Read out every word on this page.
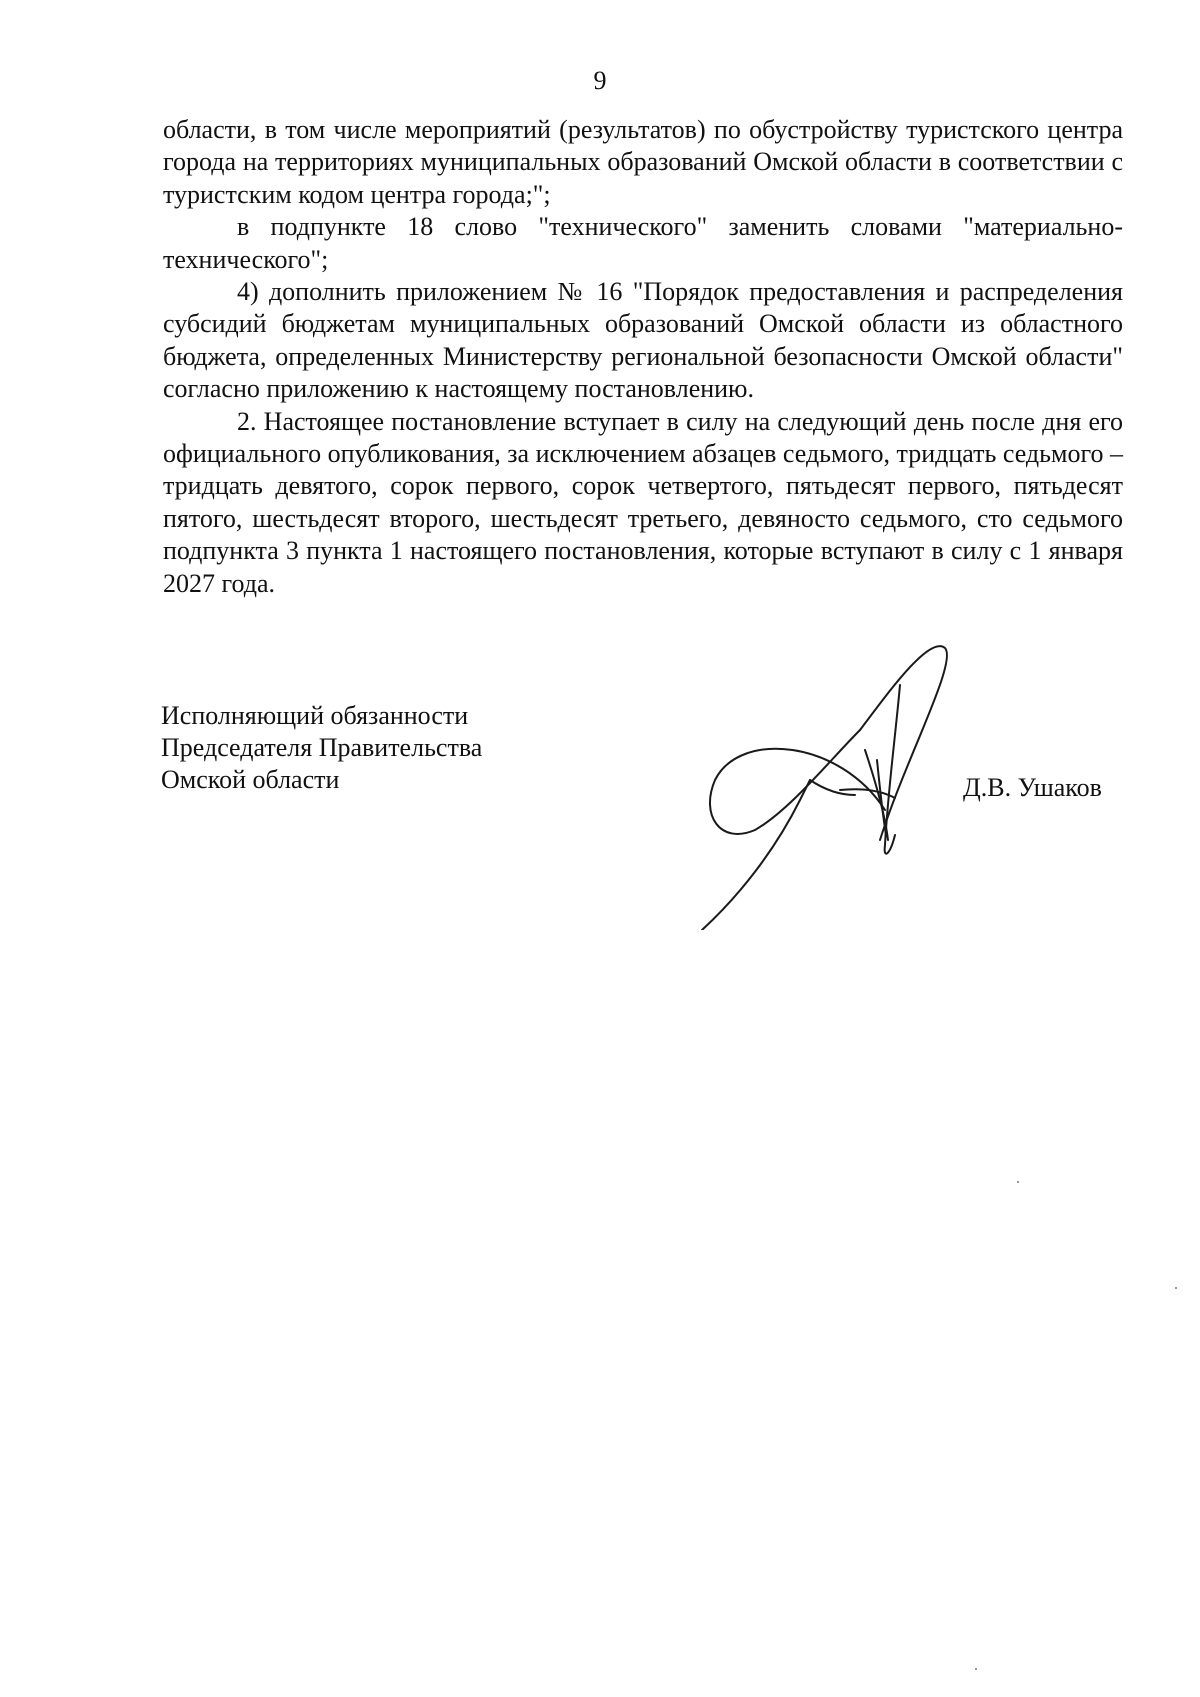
9

области, в том числе мероприятий (результатов) по обустройству туристского центра города на территориях муниципальных образований Омской области в соответствии с туристским кодом центра города;";

в подпункте 18 слово "технического" заменить словами "материально-технического";

4) дополнить приложением № 16 "Порядок предоставления и распределения субсидий бюджетам муниципальных образований Омской области из областного бюджета, определенных Министерству региональной безопасности Омской области" согласно приложению к настоящему постановлению.

2. Настоящее постановление вступает в силу на следующий день после дня его официального опубликования, за исключением абзацев седьмого, тридцать седьмого – тридцать девятого, сорок первого, сорок четвертого, пятьдесят первого, пятьдесят пятого, шестьдесят второго, шестьдесят третьего, девяносто седьмого, сто седьмого подпункта 3 пункта 1 настоящего постановления, которые вступают в силу с 1 января 2027 года.

Исполняющий обязанности
Председателя Правительства
Омской области	Д.В. Ушаков
